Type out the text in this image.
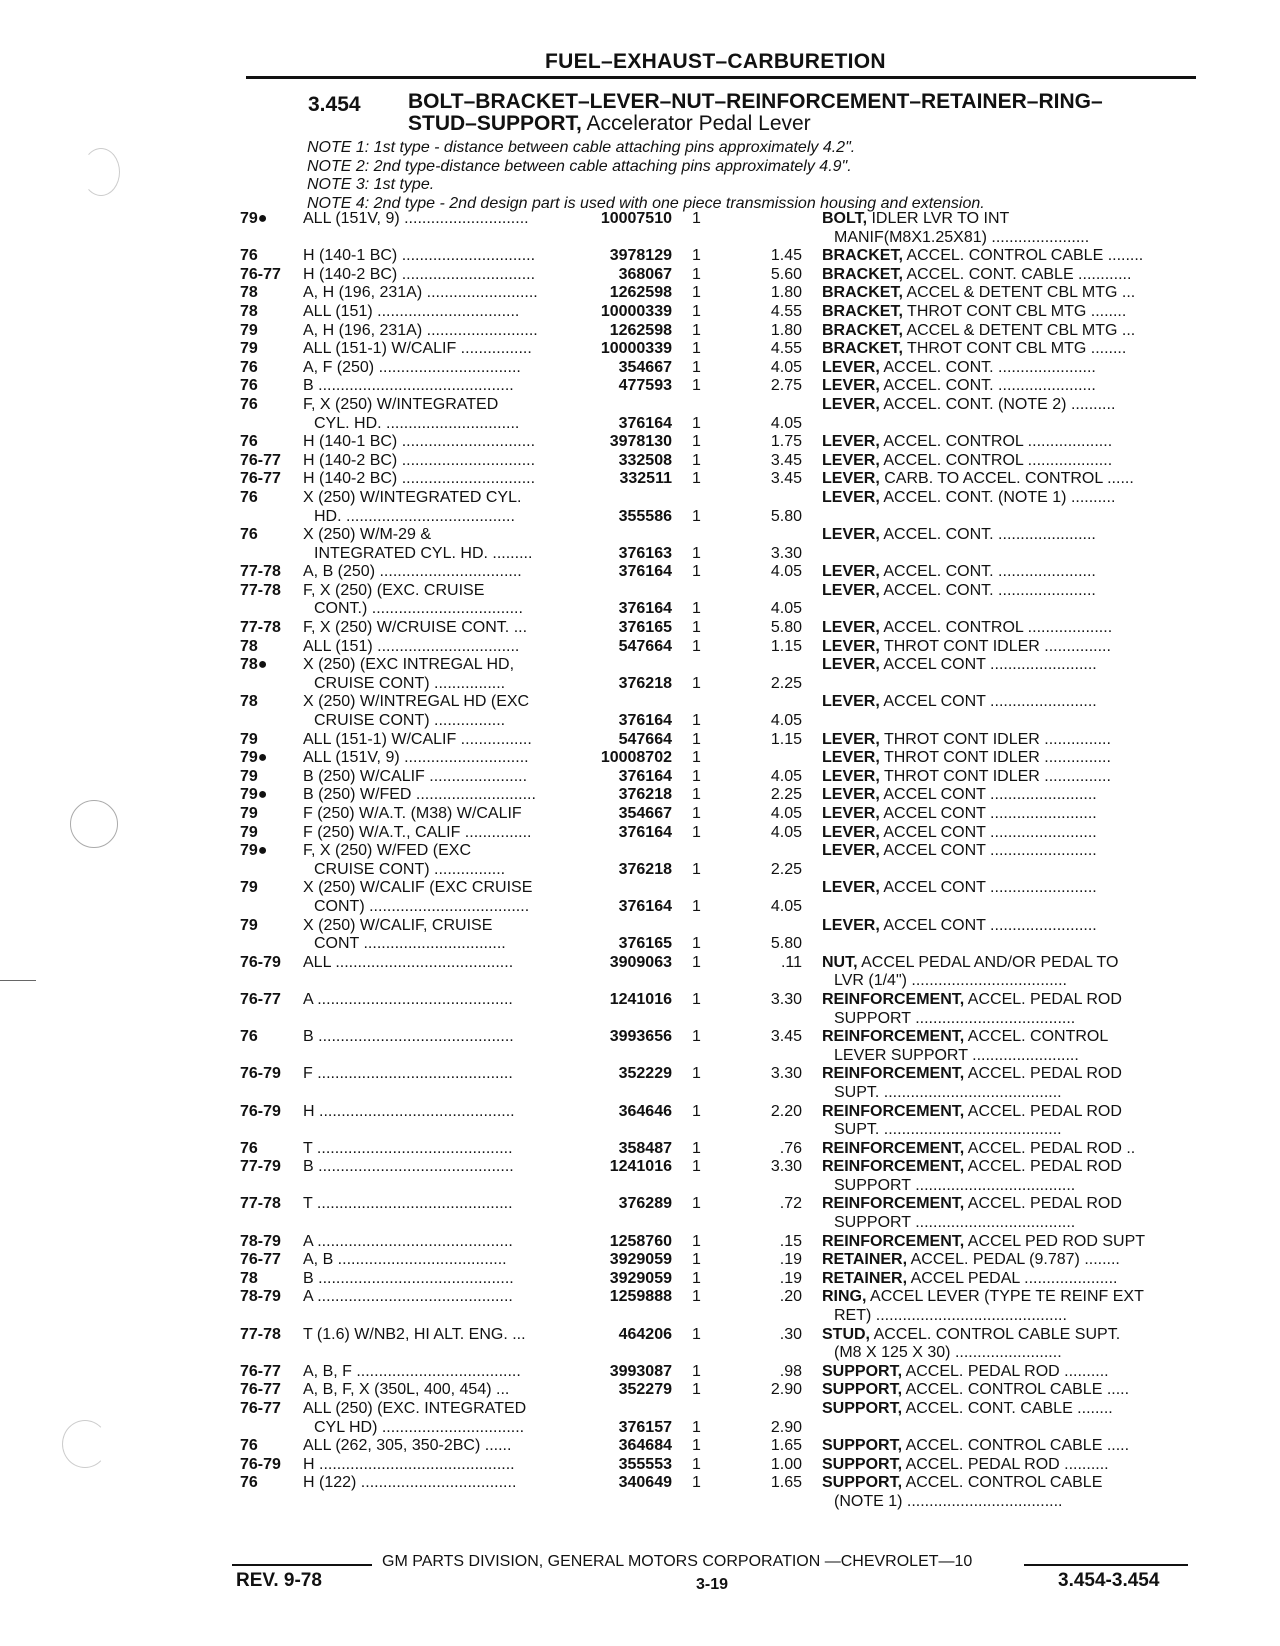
FUEL–EXHAUST–CARBURETION
3.454 BOLT–BRACKET–LEVER–NUT–REINFORCEMENT–RETAINER–RING–STUD–SUPPORT, Accelerator Pedal Lever
NOTE 1: 1st type - distance between cable attaching pins approximately 4.2".
NOTE 2: 2nd type-distance between cable attaching pins approximately 4.9".
NOTE 3: 1st type.
NOTE 4: 2nd type - 2nd design part is used with one piece transmission housing and extension.
79●	ALL (151V, 9) ............................	10007510 1	BOLT, IDLER LVR TO INT
MANIF(M8X1.25X81) ......................
76	H (140-1 BC) ..............................	3978129 1	1.45 BRACKET, ACCEL. CONTROL CABLE ........
76-77	H (140-2 BC) ..............................	368067 1	5.60 BRACKET, ACCEL. CONT. CABLE ............
78	A, H (196, 231A) .........................	1262598 1	1.80 BRACKET, ACCEL & DETENT CBL MTG ...
78	ALL (151) ................................	10000339 1	4.55 BRACKET, THROT CONT CBL MTG ........
79	A, H (196, 231A) .........................	1262598 1	1.80 BRACKET, ACCEL & DETENT CBL MTG ...
79	ALL (151-1) W/CALIF ................	10000339 1	4.55 BRACKET, THROT CONT CBL MTG ........
76	A, F (250) ................................	354667 1	4.05 LEVER, ACCEL. CONT. ......................
76	B ............................................	477593 1	2.75 LEVER, ACCEL. CONT. ......................
76	F, X (250) W/INTEGRATED	LEVER, ACCEL. CONT. (NOTE 2) ..........
CYL. HD. ..............................	376164 1	4.05
76	H (140-1 BC) ..............................	3978130 1	1.75 LEVER, ACCEL. CONTROL ...................
76-77	H (140-2 BC) ..............................	332508 1	3.45 LEVER, ACCEL. CONTROL ...................
76-77	H (140-2 BC) ..............................	332511 1	3.45 LEVER, CARB. TO ACCEL. CONTROL ......
76	X (250) W/INTEGRATED CYL.	LEVER, ACCEL. CONT. (NOTE 1) ..........
HD. ......................................	355586 1	5.80
76	X (250) W/M-29 &	LEVER, ACCEL. CONT. ......................
INTEGRATED CYL. HD. .........	376163 1	3.30
77-78	A, B (250) ................................	376164 1	4.05 LEVER, ACCEL. CONT. ......................
77-78	F, X (250) (EXC. CRUISE	LEVER, ACCEL. CONT. ......................
CONT.) ..................................	376164 1	4.05
77-78	F, X (250) W/CRUISE CONT. ...	376165 1	5.80 LEVER, ACCEL. CONTROL ...................
78	ALL (151) ................................	547664 1	1.15 LEVER, THROT CONT IDLER ...............
78●	X (250) (EXC INTREGAL HD,	LEVER, ACCEL CONT ........................
CRUISE CONT) ................	376218 1	2.25
78	X (250) W/INTREGAL HD (EXC	LEVER, ACCEL CONT ........................
CRUISE CONT) ................	376164 1	4.05
79	ALL (151-1) W/CALIF ................	547664 1	1.15 LEVER, THROT CONT IDLER ...............
79●	ALL (151V, 9) ............................	10008702 1	LEVER, THROT CONT IDLER ...............
79	B (250) W/CALIF ......................	376164 1	4.05 LEVER, THROT CONT IDLER ...............
79●	B (250) W/FED ...........................	376218 1	2.25 LEVER, ACCEL CONT ........................
79	F (250) W/A.T. (M38) W/CALIF	354667 1	4.05 LEVER, ACCEL CONT ........................
79	F (250) W/A.T., CALIF ...............	376164 1	4.05 LEVER, ACCEL CONT ........................
79●	F, X (250) W/FED (EXC	LEVER, ACCEL CONT ........................
CRUISE CONT) ................	376218 1	2.25
79	X (250) W/CALIF (EXC CRUISE	LEVER, ACCEL CONT ........................
CONT) ....................................	376164 1	4.05
79	X (250) W/CALIF, CRUISE	LEVER, ACCEL CONT ........................
CONT ................................	376165 1	5.80
76-79	ALL ........................................	3909063 1	.11 NUT, ACCEL PEDAL AND/OR PEDAL TO
LVR (1/4") ...................................
76-77	A ............................................	1241016 1	3.30 REINFORCEMENT, ACCEL. PEDAL ROD
SUPPORT ....................................
76	B ............................................	3993656 1	3.45 REINFORCEMENT, ACCEL. CONTROL
LEVER SUPPORT ........................
76-79	F ............................................	352229 1	3.30 REINFORCEMENT, ACCEL. PEDAL ROD
SUPT. ........................................
76-79	H ............................................	364646 1	2.20 REINFORCEMENT, ACCEL. PEDAL ROD
SUPT. ........................................
76	T ............................................	358487 1	.76 REINFORCEMENT, ACCEL. PEDAL ROD ..
77-79	B ............................................	1241016 1	3.30 REINFORCEMENT, ACCEL. PEDAL ROD
SUPPORT ....................................
77-78	T ............................................	376289 1	.72 REINFORCEMENT, ACCEL. PEDAL ROD
SUPPORT ....................................
78-79	A ............................................	1258760 1	.15 REINFORCEMENT, ACCEL PED ROD SUPT
76-77	A, B ......................................	3929059 1	.19 RETAINER, ACCEL. PEDAL (9.787) ........
78	B ............................................	3929059 1	.19 RETAINER, ACCEL PEDAL .....................
78-79	A ............................................	1259888 1	.20 RING, ACCEL LEVER (TYPE TE REINF EXT
RET) ...........................................
77-78	T (1.6) W/NB2, HI ALT. ENG. ...	464206 1	.30 STUD, ACCEL. CONTROL CABLE SUPT.
(M8 X 125 X 30) ........................
76-77	A, B, F .....................................	3993087 1	.98 SUPPORT, ACCEL. PEDAL ROD ..........
76-77	A, B, F, X (350L, 400, 454) ...	352279 1	2.90 SUPPORT, ACCEL. CONTROL CABLE .....
76-77	ALL (250) (EXC. INTEGRATED	SUPPORT, ACCEL. CONT. CABLE ........
CYL HD) ................................	376157 1	2.90
76	ALL (262, 305, 350-2BC) ......	364684 1	1.65 SUPPORT, ACCEL. CONTROL CABLE .....
76-79	H ............................................	355553 1	1.00 SUPPORT, ACCEL. PEDAL ROD ..........
76	H (122) ...................................	340649 1	1.65 SUPPORT, ACCEL. CONTROL CABLE
(NOTE 1) ...................................
GM PARTS DIVISION, GENERAL MOTORS CORPORATION —CHEVROLET—10
REV. 9-78	3-19	3.454-3.454
